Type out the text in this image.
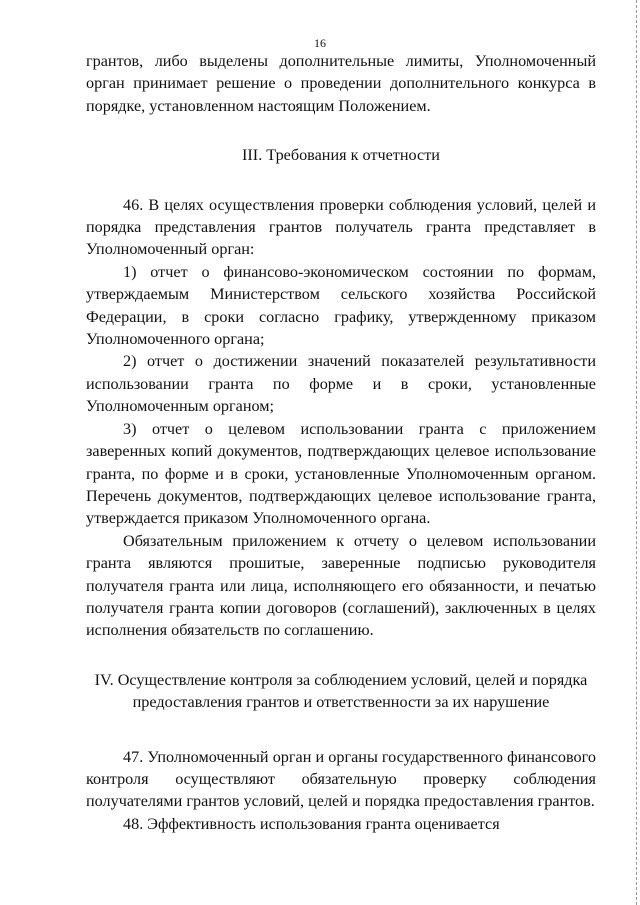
16

грантов, либо выделены дополнительные лимиты, Уполномоченный орган принимает решение о проведении дополнительного конкурса в порядке, установленном настоящим Положением.

III. Требования к отчетности

46. В целях осуществления проверки соблюдения условий, целей и порядка представления грантов получатель гранта представляет в Уполномоченный орган:

1) отчет о финансово-экономическом состоянии по формам, утверждаемым Министерством сельского хозяйства Российской Федерации, в сроки согласно графику, утвержденному приказом Уполномоченного органа;

2) отчет о достижении значений показателей результативности использовании гранта по форме и в сроки, установленные Уполномоченным органом;

3) отчет о целевом использовании гранта с приложением заверенных копий документов, подтверждающих целевое использование гранта, по форме и в сроки, установленные Уполномоченным органом. Перечень документов, подтверждающих целевое использование гранта, утверждается приказом Уполномоченного органа.

Обязательным приложением к отчету о целевом использовании гранта являются прошитые, заверенные подписью руководителя получателя гранта или лица, исполняющего его обязанности, и печатью получателя гранта копии договоров (соглашений), заключенных в целях исполнения обязательств по соглашению.

IV. Осуществление контроля за соблюдением условий, целей и порядка

предоставления грантов и ответственности за их нарушение

47. Уполномоченный орган и органы государственного финансового контроля осуществляют обязательную проверку соблюдения получателями грантов условий, целей и порядка предоставления грантов.

48. Эффективность использования гранта оценивается
